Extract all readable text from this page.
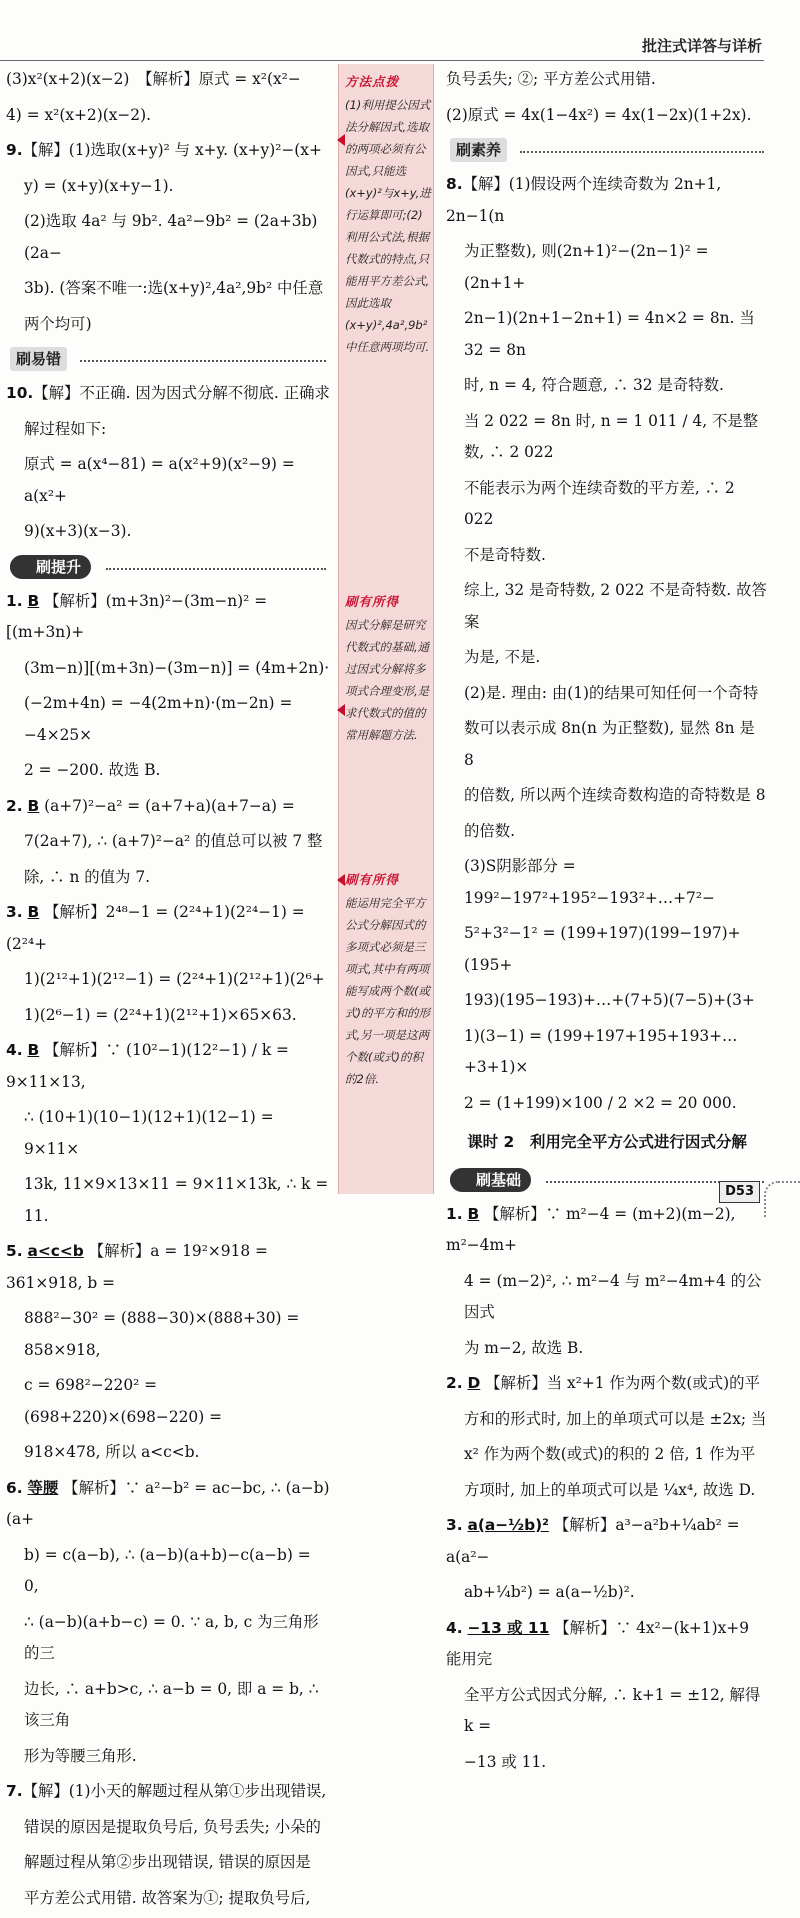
批注式详答与详析
(3)x²(x+2)(x−2)　【解析】原式 = x²(x²−
4) = x²(x+2)(x−2).
9.【解】(1)选取(x+y)² 与 x+y. (x+y)²−(x+
y) = (x+y)(x+y−1).
(2)选取 4a² 与 9b². 4a²−9b² = (2a+3b)(2a−
3b). (答案不唯一:选(x+y)²,4a²,9b² 中任意
两个均可)
刷易错
10.【解】不正确. 因为因式分解不彻底. 正确求
解过程如下:
原式 = a(x⁴−81) = a(x²+9)(x²−9) = a(x²+
9)(x+3)(x−3).
刷提升
1. B 【解析】(m+3n)²−(3m−n)² = [(m+3n)+
(3m−n)][(m+3n)−(3m−n)] = (4m+2n)·
(−2m+4n) = −4(2m+n)·(m−2n) = −4×25×
2 = −200. 故选 B.
2. B (a+7)²−a² = (a+7+a)(a+7−a) =
7(2a+7), ∴ (a+7)²−a² 的值总可以被 7 整
除, ∴ n 的值为 7.
3. B 【解析】2⁴⁸−1 = (2²⁴+1)(2²⁴−1) = (2²⁴+
1)(2¹²+1)(2¹²−1) = (2²⁴+1)(2¹²+1)(2⁶+
1)(2⁶−1) = (2²⁴+1)(2¹²+1)×65×63.
4. B 【解析】∵ (10²−1)(12²−1) / k = 9×11×13,
∴ (10+1)(10−1)(12+1)(12−1) = 9×11×
13k, 11×9×13×11 = 9×11×13k, ∴ k = 11.
5. a<c<b 【解析】a = 19²×918 = 361×918, b =
888²−30² = (888−30)×(888+30) = 858×918,
c = 698²−220² = (698+220)×(698−220) =
918×478, 所以 a<c<b.
6. 等腰 【解析】∵ a²−b² = ac−bc, ∴ (a−b)(a+
b) = c(a−b), ∴ (a−b)(a+b)−c(a−b) = 0,
∴ (a−b)(a+b−c) = 0. ∵ a, b, c 为三角形的三
边长, ∴ a+b>c, ∴ a−b = 0, 即 a = b, ∴ 该三角
形为等腰三角形.
7.【解】(1)小天的解题过程从第①步出现错误,
错误的原因是提取负号后, 负号丢失; 小朵的
解题过程从第②步出现错误, 错误的原因是
平方差公式用错. 故答案为①; 提取负号后,
方法点拨
(1)利用提公因式法分解因式,选取的两项必须有公因式,只能选(x+y)²与x+y,进行运算即可;(2)利用公式法,根据代数式的特点,只能用平方差公式,因此选取(x+y)²,4a²,9b²中任意两项均可.
刷有所得
因式分解是研究代数式的基础,通过因式分解将多项式合理变形,是求代数式的值的常用解题方法.
刷有所得
能运用完全平方公式分解因式的多项式必须是三项式,其中有两项能写成两个数(或式)的平方和的形式,另一项是这两个数(或式)的积的2倍.
负号丢失; ②; 平方差公式用错.
(2)原式 = 4x(1−4x²) = 4x(1−2x)(1+2x).
刷素养
8.【解】(1)假设两个连续奇数为 2n+1, 2n−1(n
为正整数), 则(2n+1)²−(2n−1)² = (2n+1+
2n−1)(2n+1−2n+1) = 4n×2 = 8n. 当 32 = 8n
时, n = 4, 符合题意, ∴ 32 是奇特数.
当 2 022 = 8n 时, n = 1 011 / 4, 不是整数, ∴ 2 022
不能表示为两个连续奇数的平方差, ∴ 2 022
不是奇特数.
综上, 32 是奇特数, 2 022 不是奇特数. 故答案
为是, 不是.
(2)是. 理由: 由(1)的结果可知任何一个奇特
数可以表示成 8n(n 为正整数), 显然 8n 是 8
的倍数, 所以两个连续奇数构造的奇特数是 8
的倍数.
(3)S阴影部分 = 199²−197²+195²−193²+…+7²−
5²+3²−1² = (199+197)(199−197)+(195+
193)(195−193)+…+(7+5)(7−5)+(3+
1)(3−1) = (199+197+195+193+…+3+1)×
2 = (1+199)×100 / 2 ×2 = 20 000.
课时 2　利用完全平方公式进行因式分解
刷基础
1. B 【解析】∵ m²−4 = (m+2)(m−2), m²−4m+
4 = (m−2)², ∴ m²−4 与 m²−4m+4 的公因式
为 m−2, 故选 B.
2. D 【解析】当 x²+1 作为两个数(或式)的平
方和的形式时, 加上的单项式可以是 ±2x; 当
x² 作为两个数(或式)的积的 2 倍, 1 作为平
方项时, 加上的单项式可以是 ¼x⁴, 故选 D.
3. a(a−½b)² 【解析】a³−a²b+¼ab² = a(a²−
ab+¼b²) = a(a−½b)².
4. −13 或 11 【解析】∵ 4x²−(k+1)x+9 能用完
全平方公式因式分解, ∴ k+1 = ±12, 解得 k =
−13 或 11.
D53
